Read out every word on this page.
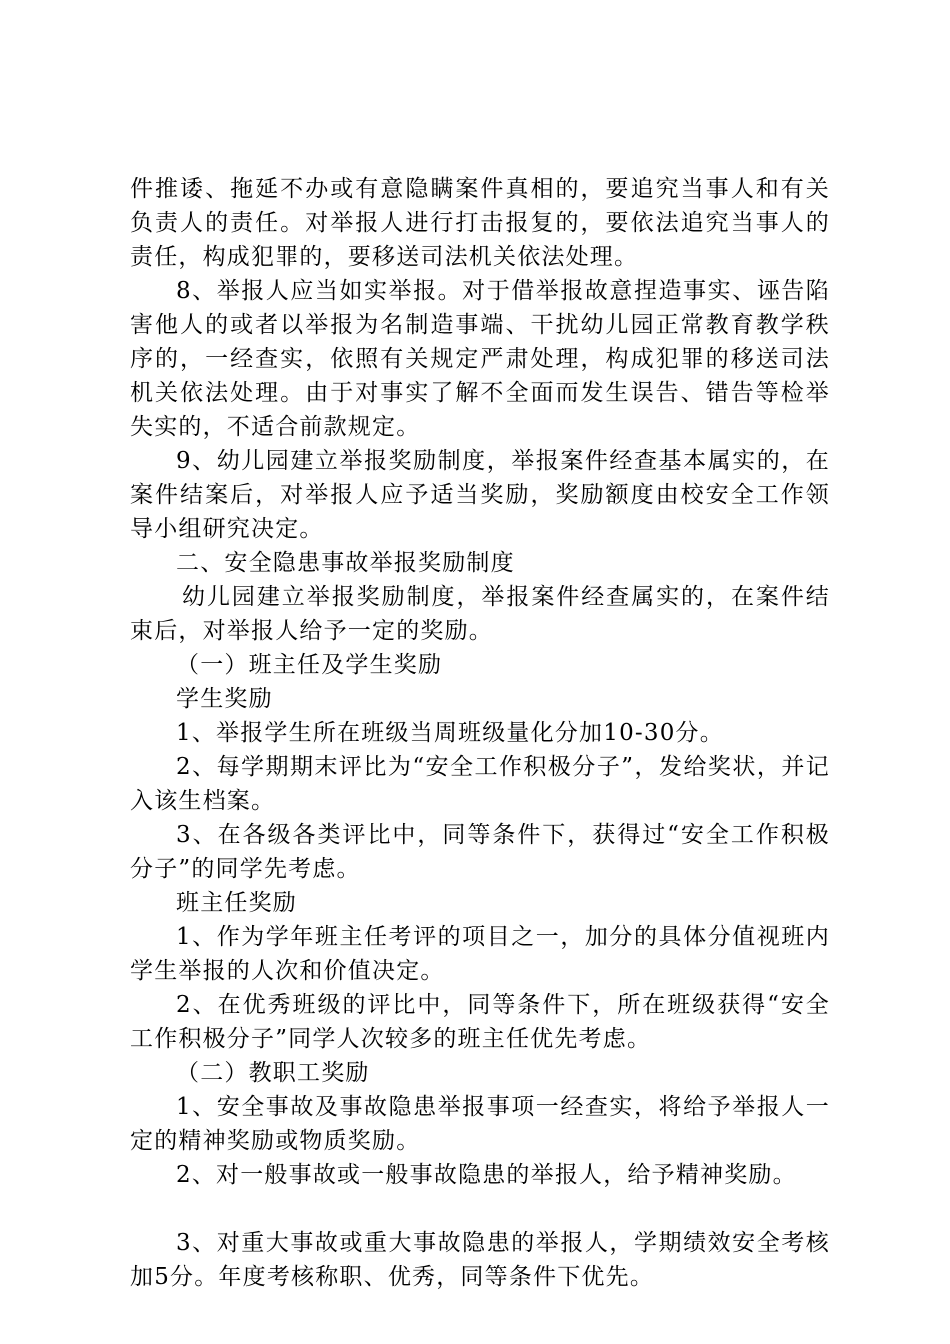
件推诿、拖延不办或有意隐瞒案件真相的，要追究当事人和有关负责人的责任。对举报人进行打击报复的，要依法追究当事人的责任，构成犯罪的，要移送司法机关依法处理。

8、举报人应当如实举报。对于借举报故意捏造事实、诬告陷害他人的或者以举报为名制造事端、干扰幼儿园正常教育教学秩序的，一经查实，依照有关规定严肃处理，构成犯罪的移送司法机关依法处理。由于对事实了解不全面而发生误告、错告等检举失实的，不适合前款规定。

9、幼儿园建立举报奖励制度，举报案件经查基本属实的，在案件结案后，对举报人应予适当奖励，奖励额度由校安全工作领导小组研究决定。

二、安全隐患事故举报奖励制度

幼儿园建立举报奖励制度，举报案件经查属实的，在案件结束后，对举报人给予一定的奖励。

（一）班主任及学生奖励

学生奖励

1、举报学生所在班级当周班级量化分加10-30分。

2、每学期期末评比为“安全工作积极分子”，发给奖状，并记入该生档案。

3、在各级各类评比中，同等条件下，获得过“安全工作积极分子”的同学先考虑。

班主任奖励

1、作为学年班主任考评的项目之一，加分的具体分值视班内学生举报的人次和价值决定。

2、在优秀班级的评比中，同等条件下，所在班级获得“安全工作积极分子”同学人次较多的班主任优先考虑。

（二）教职工奖励

1、安全事故及事故隐患举报事项一经查实，将给予举报人一定的精神奖励或物质奖励。

2、对一般事故或一般事故隐患的举报人，给予精神奖励。

3、对重大事故或重大事故隐患的举报人，学期绩效安全考核加5分。年度考核称职、优秀，同等条件下优先。
